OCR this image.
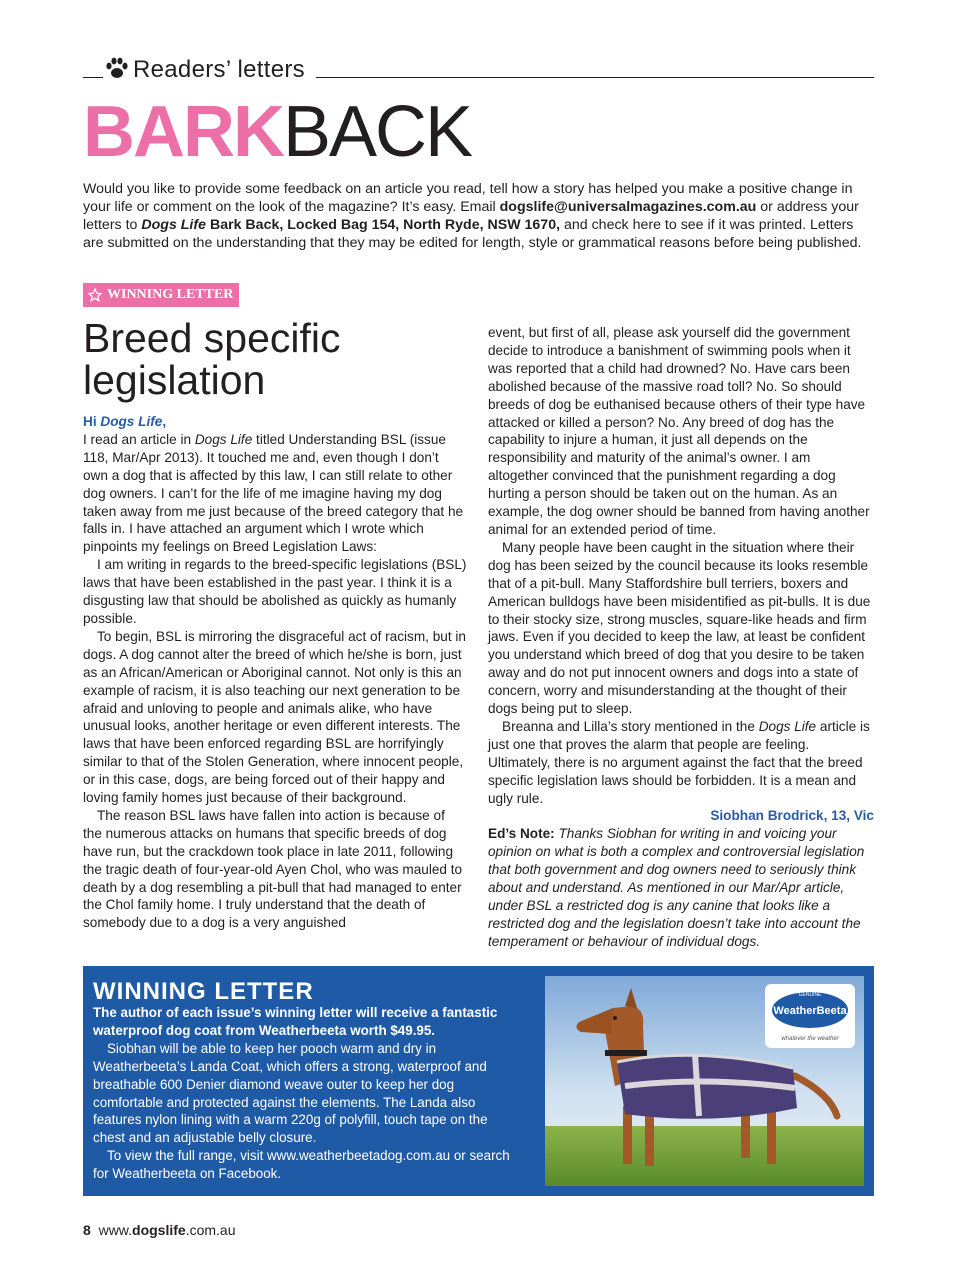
Readers’ letters
BARKBACK
Would you like to provide some feedback on an article you read, tell how a story has helped you make a positive change in your life or comment on the look of the magazine? It’s easy. Email dogslife@universalmagazines.com.au or address your letters to Dogs Life Bark Back, Locked Bag 154, North Ryde, NSW 1670, and check here to see if it was printed. Letters are submitted on the understanding that they may be edited for length, style or grammatical reasons before being published.
WINNING LETTER
Breed specific legislation

Hi Dogs Life,

I read an article in Dogs Life titled Understanding BSL (issue 118, Mar/Apr 2013). It touched me and, even though I don’t own a dog that is affected by this law, I can still relate to other dog owners. I can’t for the life of me imagine having my dog taken away from me just because of the breed category that he falls in. I have attached an argument which I wrote which pinpoints my feelings on Breed Legislation Laws:

I am writing in regards to the breed-specific legislations (BSL) laws that have been established in the past year. I think it is a disgusting law that should be abolished as quickly as humanly possible.

To begin, BSL is mirroring the disgraceful act of racism, but in dogs. A dog cannot alter the breed of which he/she is born, just as an African/American or Aboriginal cannot. Not only is this an example of racism, it is also teaching our next generation to be afraid and unloving to people and animals alike, who have unusual looks, another heritage or even different interests. The laws that have been enforced regarding BSL are horrifyingly similar to that of the Stolen Generation, where innocent people, or in this case, dogs, are being forced out of their happy and loving family homes just because of their background.

The reason BSL laws have fallen into action is because of the numerous attacks on humans that specific breeds of dog have run, but the crackdown took place in late 2011, following the tragic death of four-year-old Ayen Chol, who was mauled to death by a dog resembling a pit-bull that had managed to enter the Chol family home. I truly understand that the death of somebody due to a dog is a very anguished

event, but first of all, please ask yourself did the government decide to introduce a banishment of swimming pools when it was reported that a child had drowned? No. Have cars been abolished because of the massive road toll? No. So should breeds of dog be euthanised because others of their type have attacked or killed a person? No. Any breed of dog has the capability to injure a human, it just all depends on the responsibility and maturity of the animal’s owner. I am altogether convinced that the punishment regarding a dog hurting a person should be taken out on the human. As an example, the dog owner should be banned from having another animal for an extended period of time.

Many people have been caught in the situation where their dog has been seized by the council because its looks resemble that of a pit-bull. Many Staffordshire bull terriers, boxers and American bulldogs have been misidentified as pit-bulls. It is due to their stocky size, strong muscles, square-like heads and firm jaws. Even if you decided to keep the law, at least be confident you understand which breed of dog that you desire to be taken away and do not put innocent owners and dogs into a state of concern, worry and misunderstanding at the thought of their dogs being put to sleep.

Breanna and Lilla’s story mentioned in the Dogs Life article is just one that proves the alarm that people are feeling. Ultimately, there is no argument against the fact that the breed specific legislation laws should be forbidden. It is a mean and ugly rule.

Siobhan Brodrick, 13, Vic

Ed’s Note: Thanks Siobhan for writing in and voicing your opinion on what is both a complex and controversial legislation that both government and dog owners need to seriously think about and understand. As mentioned in our Mar/Apr article, under BSL a restricted dog is any canine that looks like a restricted dog and the legislation doesn’t take into account the temperament or behaviour of individual dogs.

WINNING LETTER

The author of each issue’s winning letter will receive a fantastic waterproof dog coat from Weatherbeeta worth $49.95.

Siobhan will be able to keep her pooch warm and dry in Weatherbeeta’s Landa Coat, which offers a strong, waterproof and breathable 600 Denier diamond weave outer to keep her dog comfortable and protected against the elements. The Landa also features nylon lining with a warm 220g of polyfill, touch tape on the chest and an adjustable belly closure.

To view the full range, visit www.weatherbeetadog.com.au or search for Weatherbeeta on Facebook.

GENUINE
WeatherBeeta
whatever the weather
8 www.dogslife.com.au
